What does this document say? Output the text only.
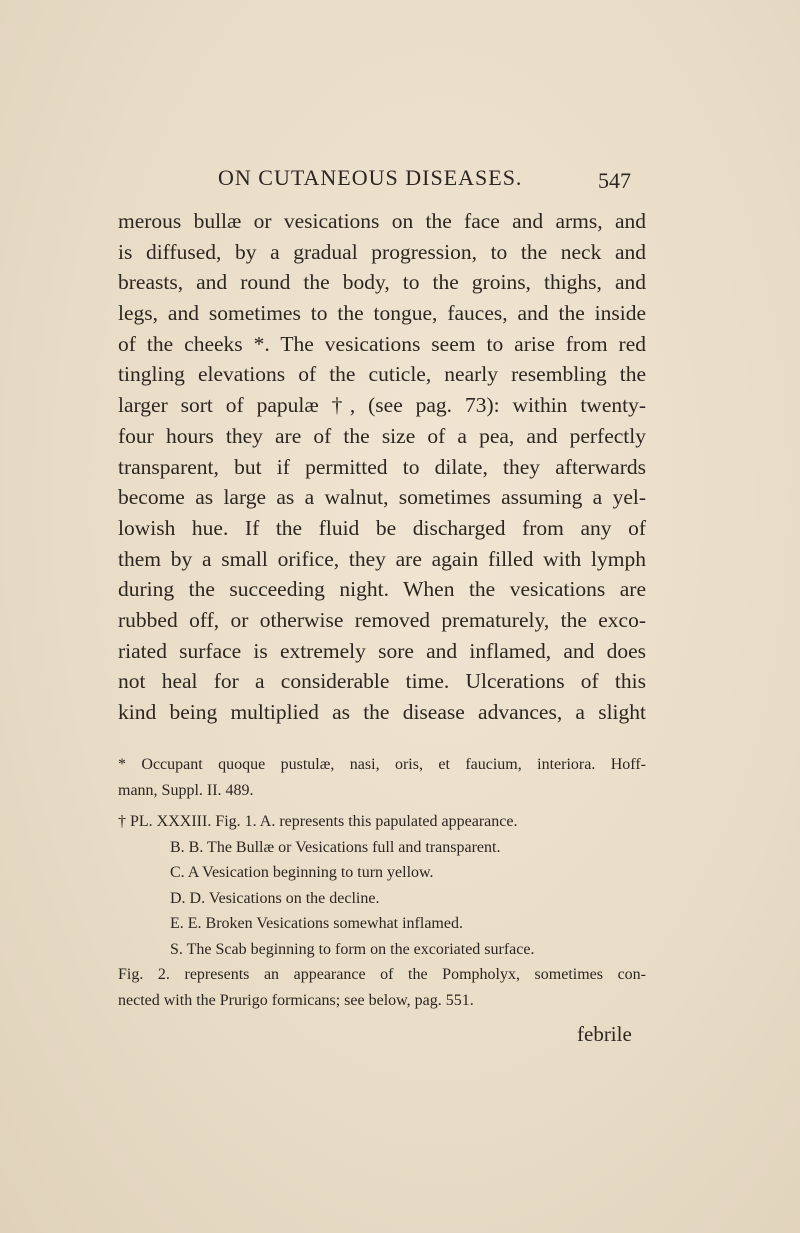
ON CUTANEOUS DISEASES.	547
merous bullæ or vesications on the face and arms, and
is diffused, by a gradual progression, to the neck and
breasts, and round the body, to the groins, thighs, and
legs, and sometimes to the tongue, fauces, and the inside
of the cheeks *. The vesications seem to arise from red
tingling elevations of the cuticle, nearly resembling the
larger sort of papulæ †, (see pag. 73): within twenty-
four hours they are of the size of a pea, and perfectly
transparent, but if permitted to dilate, they afterwards
become as large as a walnut, sometimes assuming a yel-
lowish hue. If the fluid be discharged from any of
them by a small orifice, they are again filled with lymph
during the succeeding night. When the vesications are
rubbed off, or otherwise removed prematurely, the exco-
riated surface is extremely sore and inflamed, and does
not heal for a considerable time. Ulcerations of this
kind being multiplied as the disease advances, a slight
* Occupant quoque pustulæ, nasi, oris, et faucium, interiora. Hoff-
mann, Suppl. II. 489.
† PL. XXXIII. Fig. 1. A. represents this papulated appearance.
B. B. The Bullæ or Vesications full and transparent.
C. A Vesication beginning to turn yellow.
D. D. Vesications on the decline.
E. E. Broken Vesications somewhat inflamed.
S. The Scab beginning to form on the excoriated surface.
Fig. 2. represents an appearance of the Pompholyx, sometimes con-
nected with the Prurigo formicans; see below, pag. 551.
febrile
